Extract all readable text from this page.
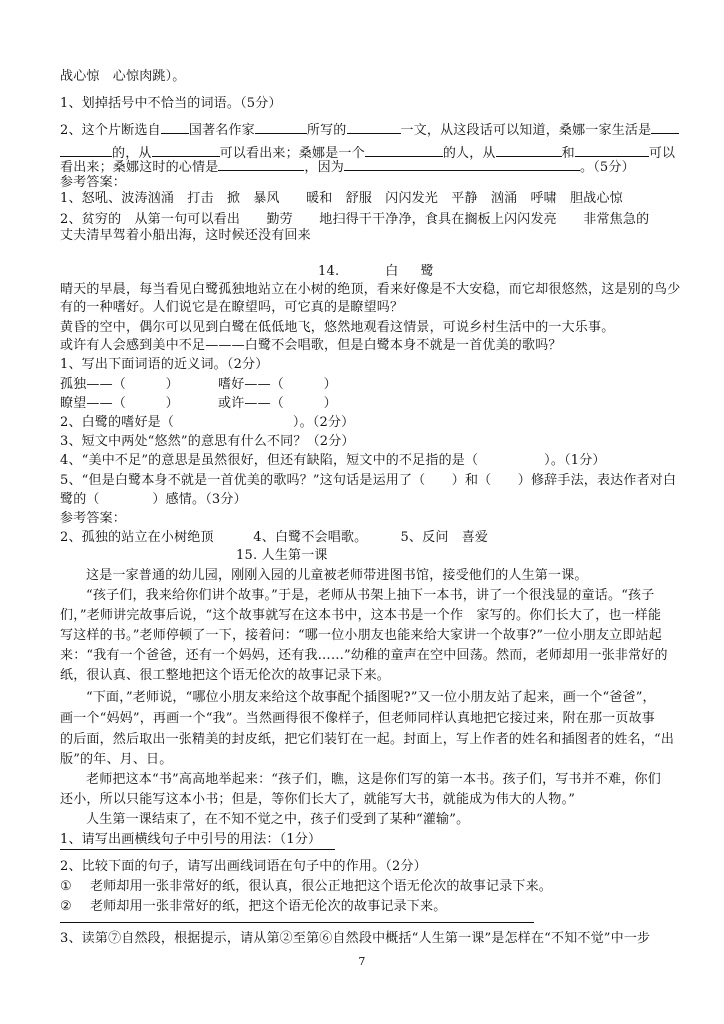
战心惊　心惊肉跳）。
1、划掉括号中不恰当的词语。（5分）
2、这个片断选自 国著名作家	所写的	一文，从这段话可以知道，桑娜一家生活是
的，从	可以看出来；桑娜是一个	的人，从	和	可以
看出来；桑娜这时的心情是	，因为	。（5分）
参考答案：
1、怒吼、波涛汹涌　打击　掀　暴风　　暖和　舒服　闪闪发光　平静　汹涌　呼啸　胆战心惊
2、贫穷的　从第一句可以看出　　勤劳　　地扫得干干净净，食具在搁板上闪闪发亮　　非常焦急的
丈夫清早驾着小船出海，这时候还没有回来
14.	白 鹭
晴天的早晨，每当看见白鹭孤独地站立在小树的绝顶，看来好像是不大安稳，而它却很悠然，这是别的鸟少
有的一种嗜好。人们说它是在瞭望吗，可它真的是瞭望吗？
黄昏的空中，偶尔可以见到白鹭在低低地飞，悠然地观看这情景，可说乡村生活中的一大乐事。
或许有人会感到美中不足———白鹭不会唱歌，但是白鹭本身不就是一首优美的歌吗？
1、写出下面词语的近义词。（2分）
孤独——（　　　）	嗜好——（　　　）
瞭望——（　　　）	或许——（　　　）
2、白鹭的嗜好是（　　　　　　　　　）。（2分）
3、短文中两处“悠然”的意思有什么不同？（2分）
4、“美中不足”的意思是虽然很好，但还有缺陷，短文中的不足指的是（　　　　　）。（1分）
5、“但是白鹭本身不就是一首优美的歌吗？”这句话是运用了（　　）和（　　）修辞手法，表达作者对白
鹭的（　　　　）感情。（3分）
参考答案：
2、孤独的站立在小树绝顶　　　4、白鹭不会唱歌。　　　5、反问　喜爱
15. 人生第一课
这是一家普通的幼儿园，刚刚入园的儿童被老师带进图书馆，接受他们的人生第一课。
“孩子们，我来给你们讲个故事。”于是，老师从书架上抽下一本书，讲了一个很浅显的童话。“孩子
们，”老师讲完故事后说，“这个故事就写在这本书中，这本书是一个作　家写的。你们长大了，也一样能
写这样的书。”老师停顿了一下，接着问：“哪一位小朋友也能来给大家讲一个故事?”一位小朋友立即站起
来：“我有一个爸爸，还有一个妈妈，还有我……”幼稚的童声在空中回荡。然而，老师却用一张非常好的
纸，很认真、很工整地把这个语无伦次的故事记录下来。
“下面，”老师说，“哪位小朋友来给这个故事配个插图呢?”又一位小朋友站了起来，画一个“爸爸”，
画一个“妈妈”，再画一个“我”。当然画得很不像样子，但老师同样认真地把它接过来，附在那一页故事
的后面，然后取出一张精美的封皮纸，把它们装钉在一起。封面上，写上作者的姓名和插图者的姓名，“出
版”的年、月、日。
老师把这本“书”高高地举起来：“孩子们，瞧，这是你们写的第一本书。孩子们，写书并不难，你们
还小，所以只能写这本小书；但是，等你们长大了，就能写大书，就能成为伟大的人物。”
人生第一课结束了，在不知不觉之中，孩子们受到了某种“灌输”。
1、请写出画横线句子中引号的用法：（1分）
2、比较下面的句子，请写出画线词语在句子中的作用。（2分）
① 老师却用一张非常好的纸，很认真，很公正地把这个语无伦次的故事记录下来。
② 老师却用一张非常好的纸，把这个语无伦次的故事记录下来。
3、读第⑦自然段，根据提示，请从第②至第⑥自然段中概括“人生第一课”是怎样在“不知不觉”中一步
7
